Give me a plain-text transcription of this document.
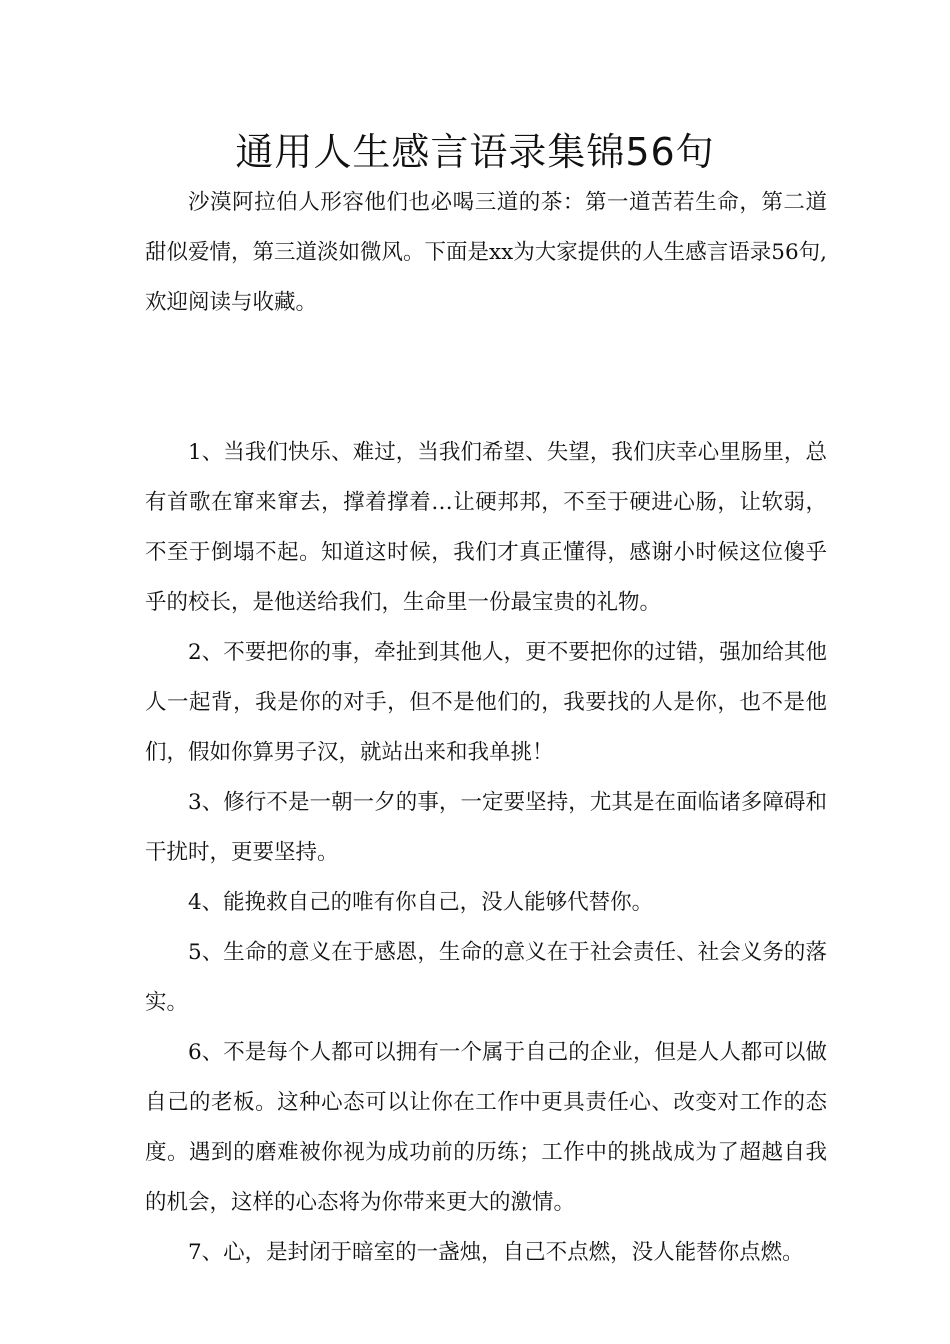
通用人生感言语录集锦56句

沙漠阿拉伯人形容他们也必喝三道的茶：第一道苦若生命，第二道甜似爱情，第三道淡如微风。下面是xx为大家提供的人生感言语录56句,欢迎阅读与收藏。

1、当我们快乐、难过，当我们希望、失望，我们庆幸心里肠里，总有首歌在窜来窜去，撑着撑着…让硬邦邦，不至于硬进心肠，让软弱，不至于倒塌不起。知道这时候，我们才真正懂得，感谢小时候这位傻乎乎的校长，是他送给我们，生命里一份最宝贵的礼物。

2、不要把你的事，牵扯到其他人，更不要把你的过错，强加给其他人一起背，我是你的对手，但不是他们的，我要找的人是你，也不是他们，假如你算男子汉，就站出来和我单挑！

3、修行不是一朝一夕的事，一定要坚持，尤其是在面临诸多障碍和干扰时，更要坚持。

4、能挽救自己的唯有你自己，没人能够代替你。

5、生命的意义在于感恩，生命的意义在于社会责任、社会义务的落实。

6、不是每个人都可以拥有一个属于自己的企业，但是人人都可以做自己的老板。这种心态可以让你在工作中更具责任心、改变对工作的态度。遇到的磨难被你视为成功前的历练；工作中的挑战成为了超越自我的机会，这样的心态将为你带来更大的激情。

7、心，是封闭于暗室的一盏烛，自己不点燃，没人能替你点燃。
